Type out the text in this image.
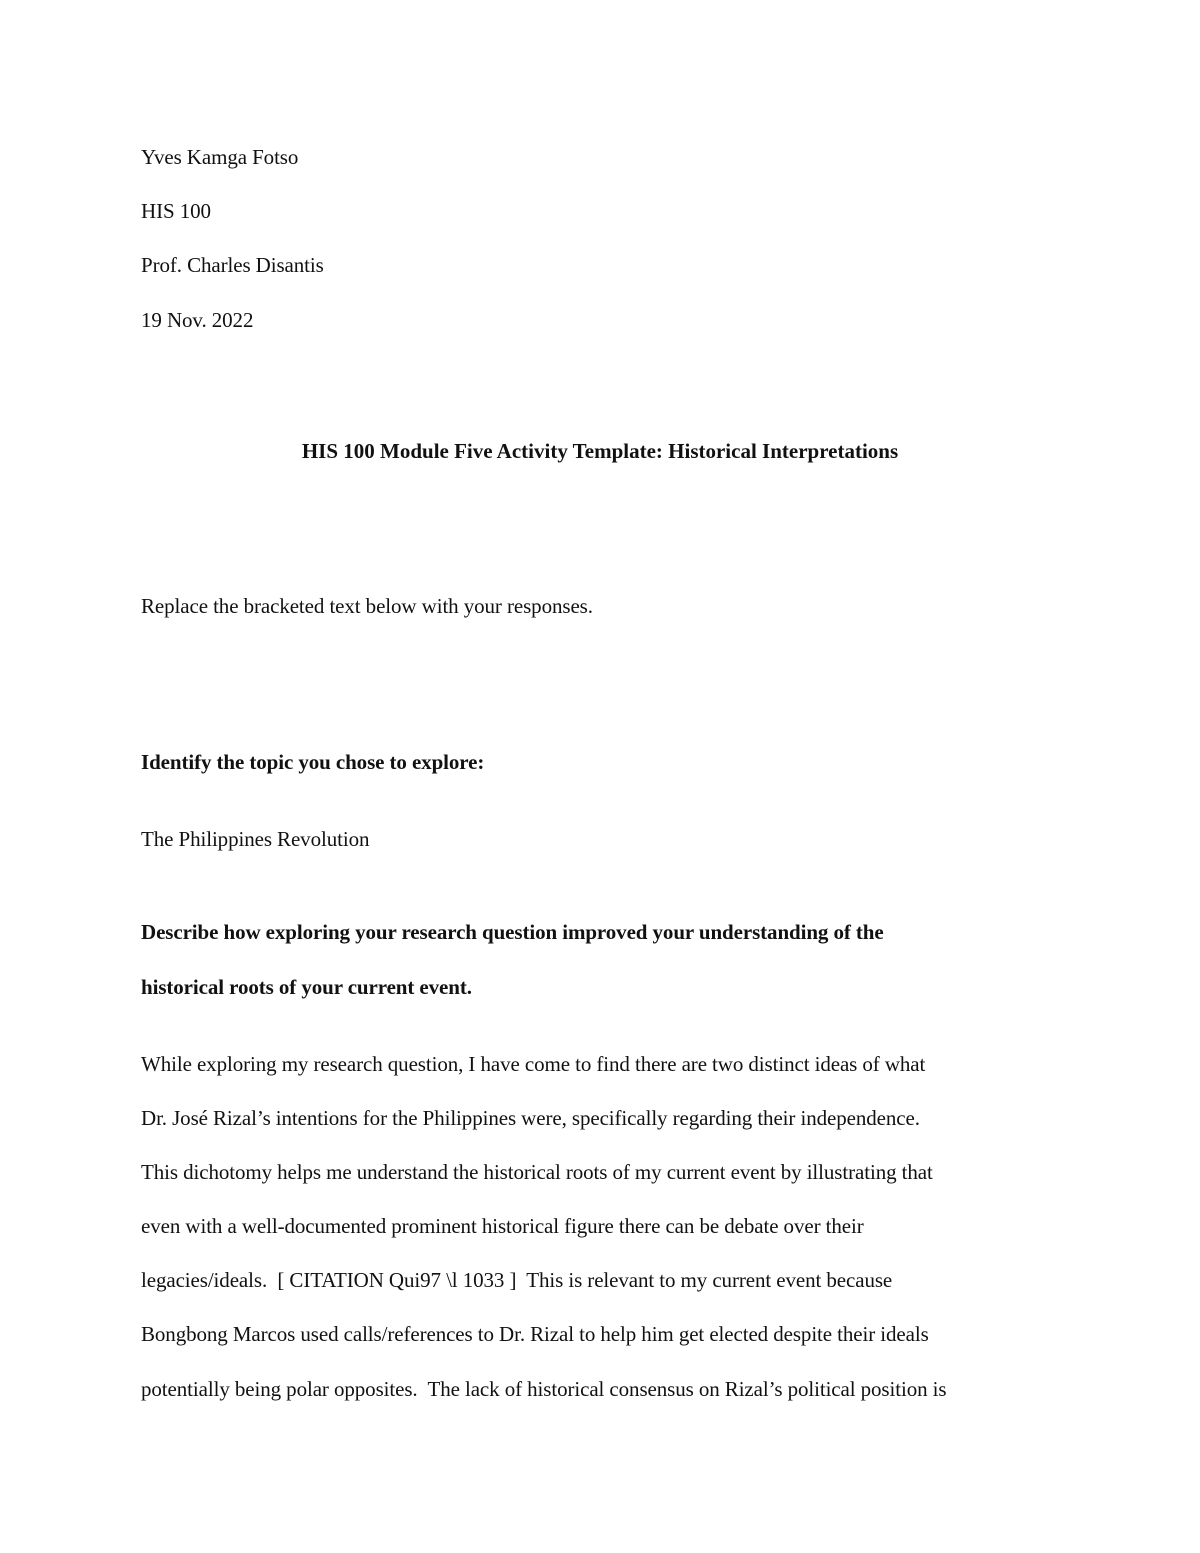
Yves Kamga Fotso

HIS 100

Prof. Charles Disantis

19 Nov. 2022

HIS 100 Module Five Activity Template: Historical Interpretations

Replace the bracketed text below with your responses.

Identify the topic you chose to explore:

The Philippines Revolution

Describe how exploring your research question improved your understanding of the

historical roots of your current event.

While exploring my research question, I have come to find there are two distinct ideas of what

Dr. José Rizal’s intentions for the Philippines were, specifically regarding their independence.

This dichotomy helps me understand the historical roots of my current event by illustrating that

even with a well-documented prominent historical figure there can be debate over their

legacies/ideals.  [ CITATION Qui97 \l 1033 ]  This is relevant to my current event because

Bongbong Marcos used calls/references to Dr. Rizal to help him get elected despite their ideals

potentially being polar opposites.  The lack of historical consensus on Rizal’s political position is
